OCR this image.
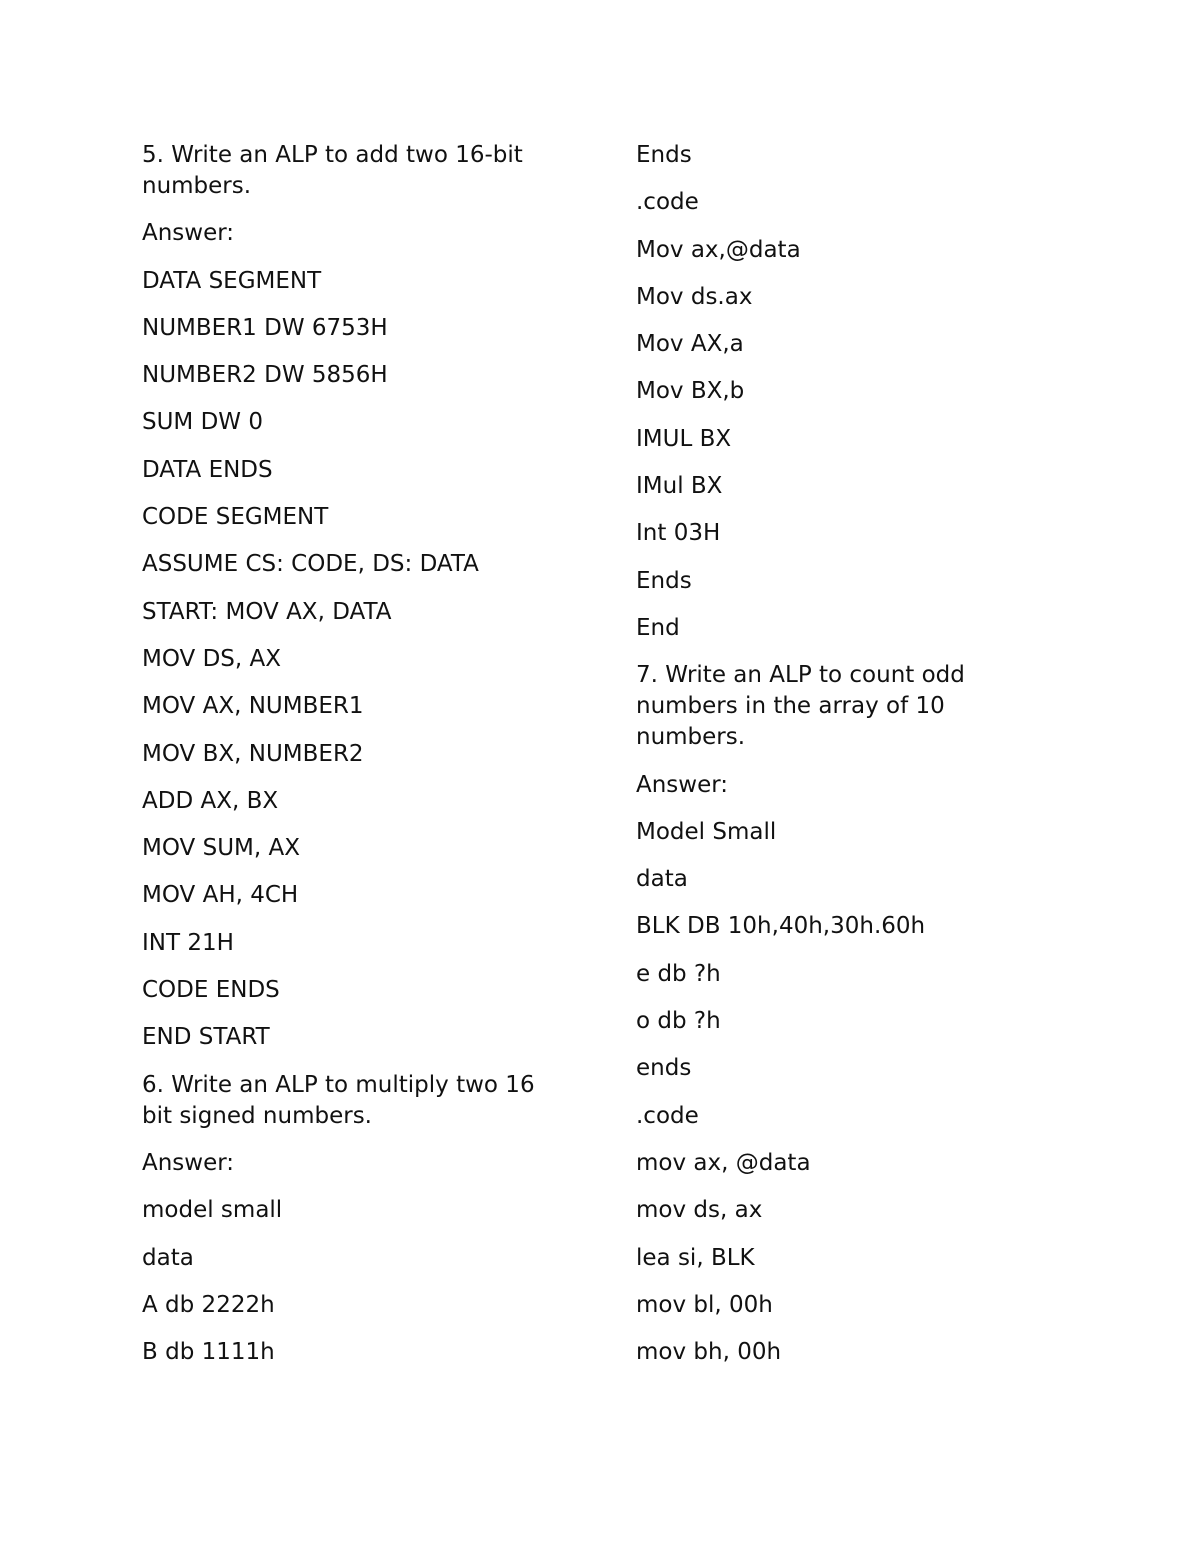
5. Write an ALP to add two 16-bit numbers.

Answer:

DATA SEGMENT

NUMBER1 DW 6753H

NUMBER2 DW 5856H

SUM DW 0

DATA ENDS

CODE SEGMENT

ASSUME CS: CODE, DS: DATA

START: MOV AX, DATA

MOV DS, AX

MOV AX, NUMBER1

MOV BX, NUMBER2

ADD AX, BX

MOV SUM, AX

MOV AH, 4CH

INT 21H

CODE ENDS

END START

6. Write an ALP to multiply two 16 bit signed numbers.

Answer:

model small

data

A db 2222h

B db 1111h

Ends

.code

Mov ax,@data

Mov ds.ax

Mov AX,a

Mov BX,b

IMUL BX

IMul BX

Int 03H

Ends

End

7. Write an ALP to count odd numbers in the array of 10 numbers.

Answer:

Model Small

data

BLK DB 10h,40h,30h.60h

e db ?h

o db ?h

ends

.code

mov ax, @data

mov ds, ax

lea si, BLK

mov bl, 00h

mov bh, 00h
